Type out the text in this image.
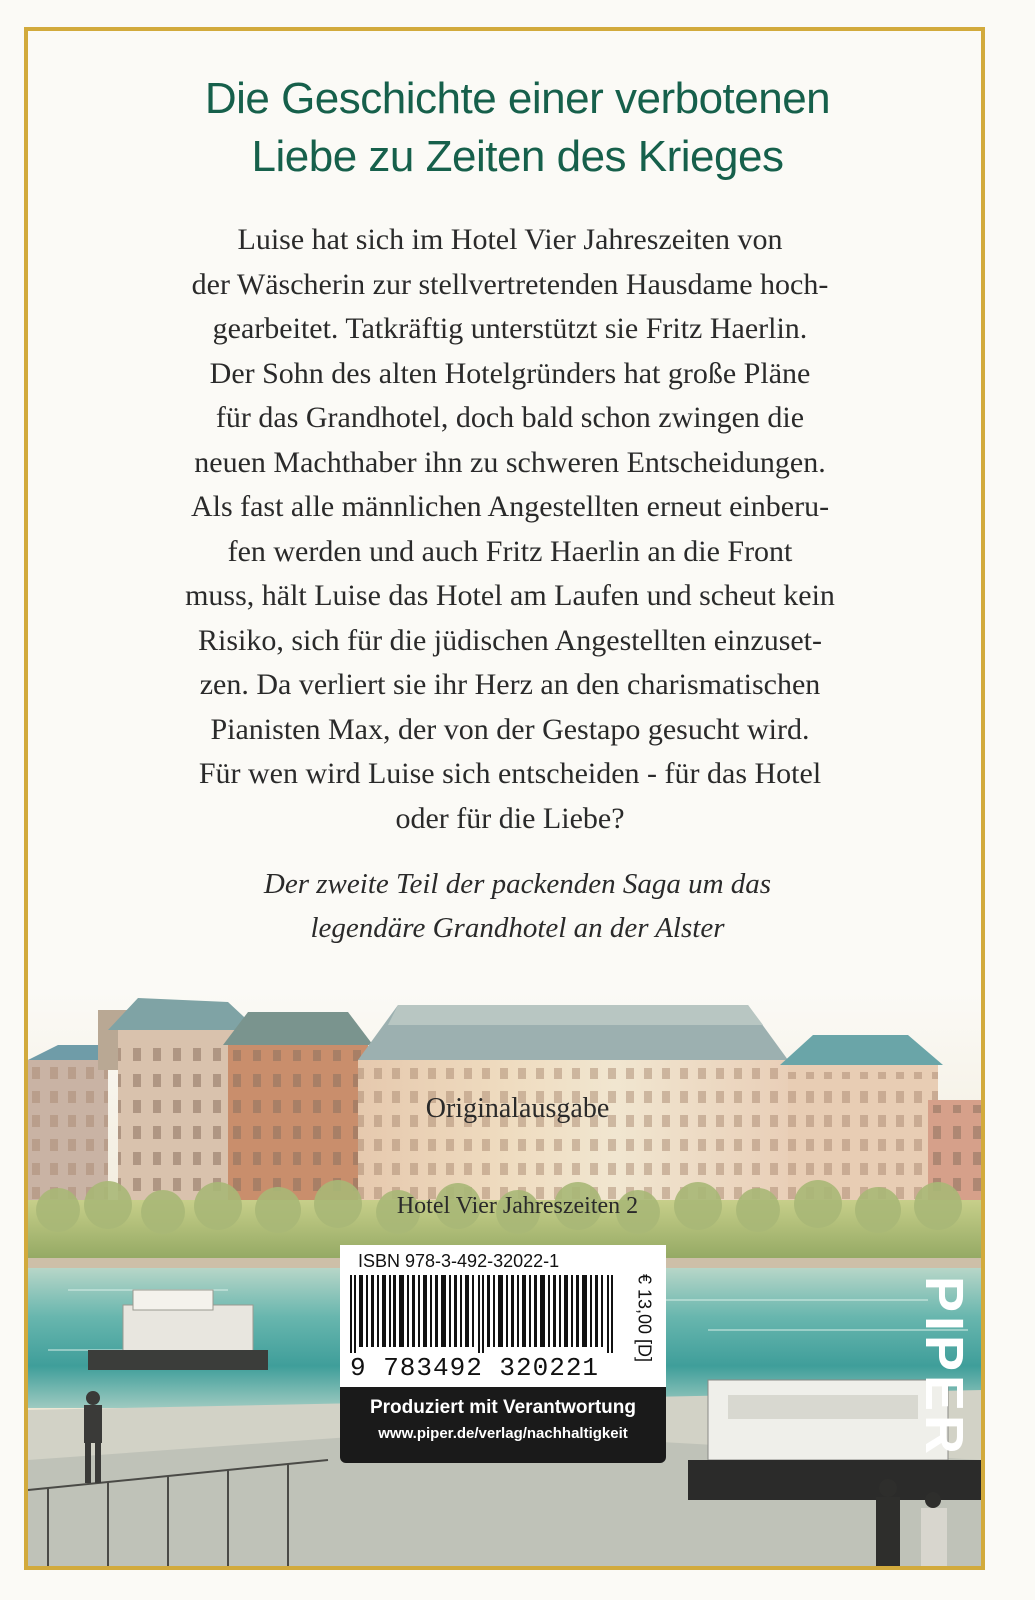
Die Geschichte einer verbotenen
Liebe zu Zeiten des Krieges
Luise hat sich im Hotel Vier Jahreszeiten von
der Wäscherin zur stellvertretenden Hausdame hoch-
gearbeitet. Tatkräftig unterstützt sie Fritz Haerlin.
Der Sohn des alten Hotelgründers hat große Pläne
für das Grandhotel, doch bald schon zwingen die
neuen Machthaber ihn zu schweren Entscheidungen.
Als fast alle männlichen Angestellten erneut einberu-
fen werden und auch Fritz Haerlin an die Front
muss, hält Luise das Hotel am Laufen und scheut kein
Risiko, sich für die jüdischen Angestellten einzuset-
zen. Da verliert sie ihr Herz an den charismatischen
Pianisten Max, der von der Gestapo gesucht wird.
Für wen wird Luise sich entscheiden - für das Hotel
oder für die Liebe?
Der zweite Teil der packenden Saga um das
legendäre Grandhotel an der Alster
Originalausgabe
Hotel Vier Jahreszeiten 2
ISBN 978-3-492-32022-1
9 783492 320221
€ 13,00 [D]
Produziert mit Verantwortung
www.piper.de/verlag/nachhaltigkeit	PIPER
